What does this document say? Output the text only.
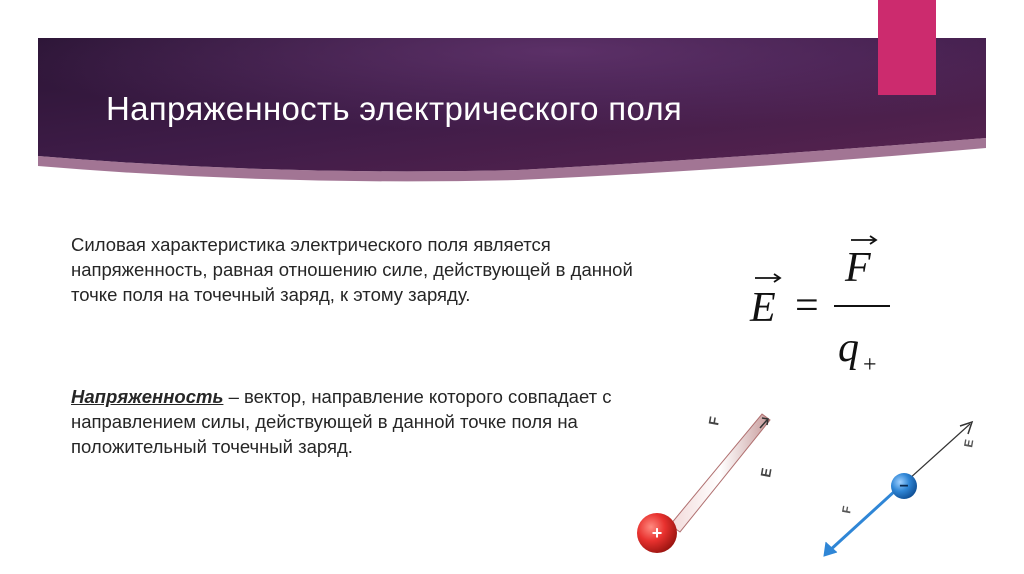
Напряженность электрического поля

Силовая характеристика электрического поля является напряженность, равная отношению силе, действующей в данной точке поля на точечный заряд, к этому заряду.

Напряженность – вектор, направление которого совпадает с направлением силы, действующей в данной точке поля на положительный точечный заряд.

E =
F
q +
+
F
E
−
F
E
